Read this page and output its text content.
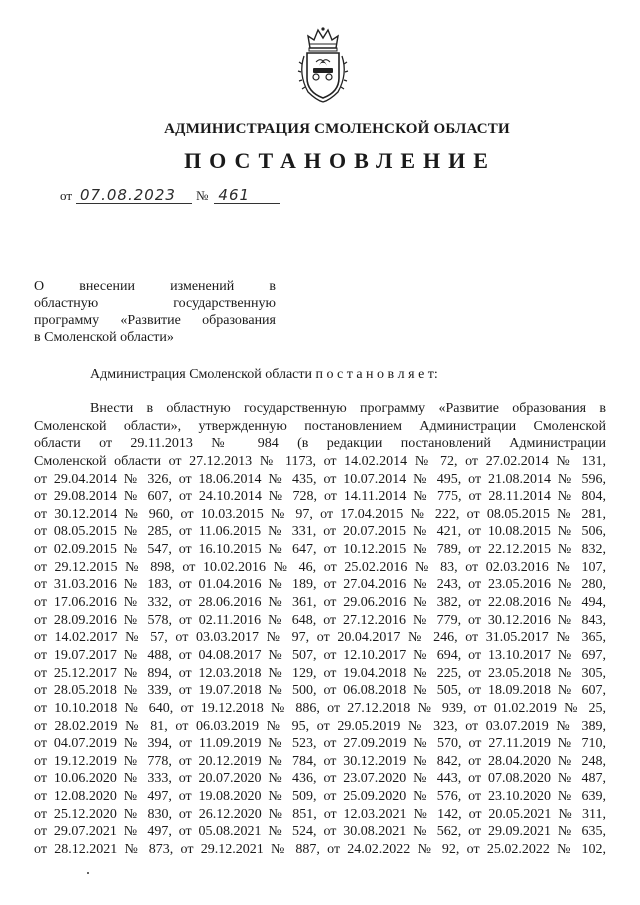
АДМИНИСТРАЦИЯ СМОЛЕНСКОЙ ОБЛАСТИ
ПОСТАНОВЛЕНИЕ
от 07.08.2023	№ 461

О внесении изменений в

областную государственную

программу «Развитие образования

в Смоленской области»

Администрация Смоленской области п о с т а н о в л я е т:
Внести в областную государственную программу «Развитие образования в
Смоленской области», утвержденную постановлением Администрации Смоленской
области от 29.11.2013 № 984 (в редакции постановлений Администрации
Смоленской области от 27.12.2013 № 1173, от 14.02.2014 № 72, от 27.02.2014 № 131,
от 29.04.2014 № 326, от 18.06.2014 № 435, от 10.07.2014 № 495, от 21.08.2014 № 596,
от 29.08.2014 № 607, от 24.10.2014 № 728, от 14.11.2014 № 775, от 28.11.2014 № 804,
от 30.12.2014 № 960, от 10.03.2015 № 97, от 17.04.2015 № 222, от 08.05.2015 № 281,
от 08.05.2015 № 285, от 11.06.2015 № 331, от 20.07.2015 № 421, от 10.08.2015 № 506,
от 02.09.2015 № 547, от 16.10.2015 № 647, от 10.12.2015 № 789, от 22.12.2015 № 832,
от 29.12.2015 № 898, от 10.02.2016 № 46, от 25.02.2016 № 83, от 02.03.2016 № 107,
от 31.03.2016 № 183, от 01.04.2016 № 189, от 27.04.2016 № 243, от 23.05.2016 № 280,
от 17.06.2016 № 332, от 28.06.2016 № 361, от 29.06.2016 № 382, от 22.08.2016 № 494,
от 28.09.2016 № 578, от 02.11.2016 № 648, от 27.12.2016 № 779, от 30.12.2016 № 843,
от 14.02.2017 № 57, от 03.03.2017 № 97, от 20.04.2017 № 246, от 31.05.2017 № 365,
от 19.07.2017 № 488, от 04.08.2017 № 507, от 12.10.2017 № 694, от 13.10.2017 № 697,
от 25.12.2017 № 894, от 12.03.2018 № 129, от 19.04.2018 № 225, от 23.05.2018 № 305,
от 28.05.2018 № 339, от 19.07.2018 № 500, от 06.08.2018 № 505, от 18.09.2018 № 607,
от 10.10.2018 № 640, от 19.12.2018 № 886, от 27.12.2018 № 939, от 01.02.2019 № 25,
от 28.02.2019 № 81, от 06.03.2019 № 95, от 29.05.2019 № 323, от 03.07.2019 № 389,
от 04.07.2019 № 394, от 11.09.2019 № 523, от 27.09.2019 № 570, от 27.11.2019 № 710,
от 19.12.2019 № 778, от 20.12.2019 № 784, от 30.12.2019 № 842, от 28.04.2020 № 248,
от 10.06.2020 № 333, от 20.07.2020 № 436, от 23.07.2020 № 443, от 07.08.2020 № 487,
от 12.08.2020 № 497, от 19.08.2020 № 509, от 25.09.2020 № 576, от 23.10.2020 № 639,
от 25.12.2020 № 830, от 26.12.2020 № 851, от 12.03.2021 № 142, от 20.05.2021 № 311,
от 29.07.2021 № 497, от 05.08.2021 № 524, от 30.08.2021 № 562, от 29.09.2021 № 635,
от 28.12.2021 № 873, от 29.12.2021 № 887, от 24.02.2022 № 92, от 25.02.2022 № 102,
